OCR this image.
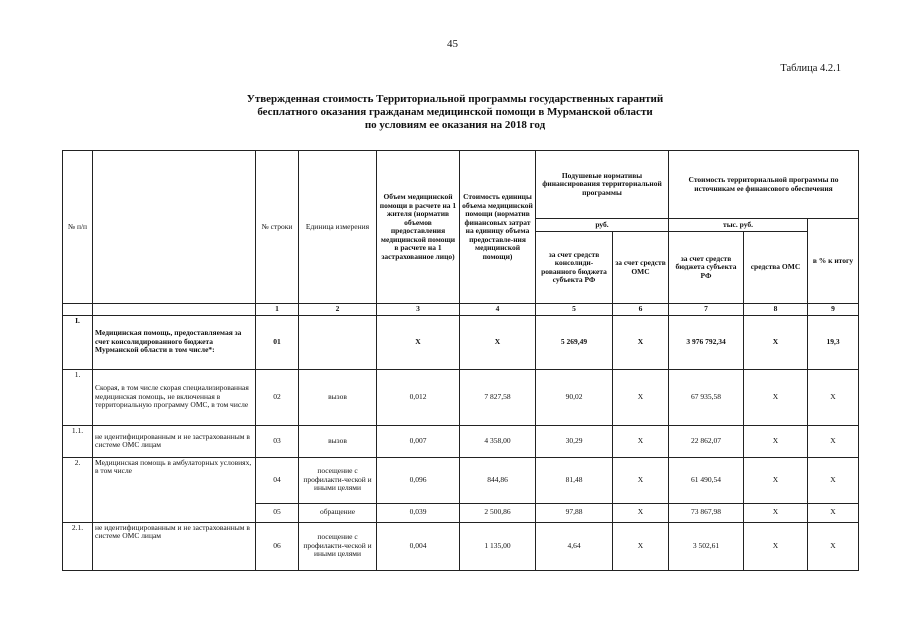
45
Таблица 4.2.1
Утвержденная стоимость Территориальной программы государственных гарантий
бесплатного оказания гражданам медицинской помощи в Мурманской области
по условиям ее оказания на 2018 год
№ п/п		№ строки	Единица измерения	Объем медицинской помощи в расчете на 1 жителя (норматив объемов предоставления медицинской помощи в расчете на 1 застрахованное лицо)	Стоимость единицы объема медицинской помощи (норматив финансовых затрат на единицу объема предоставле-ния медицинской помощи)	Подушевые нормативы финансирования территориальной программы		Стоимость территориальной программы по источникам ее финансового обеспечения		
						руб.		тыс. руб.		в % к итогу
						за счет средств консолиди-рованного бюджета субъекта РФ	за счет средств ОМС	за счет средств бюджета субъекта РФ	средства ОМС	
		1	2	3	4	5	6	7	8	9
I.	Медицинская помощь, предоставляемая за счет консолидированного бюджета Мурманской области в том числе*:	01		Х	Х	5 269,49	Х	3 976 792,34	Х	19,3
1.	Скорая, в том числе скорая специализированная медицинская помощь, не включенная в территориальную программу ОМС, в том числе	02	вызов	0,012	7 827,58	90,02	Х	67 935,58	Х	Х
1.1.	не идентифицированным и не застрахованным в системе ОМС лицам	03	вызов	0,007	4 358,00	30,29	Х	22 862,07	Х	Х
2.	Медицинская помощь в амбулаторных условиях, в том числе	04	посещение с профилакти-ческой и иными целями	0,096	844,86	81,48	Х	61 490,54	Х	Х
		05	обращение	0,039	2 500,86	97,88	Х	73 867,98	Х	Х
2.1.	не идентифицированным и не застрахованным в системе ОМС лицам	06	посещение с профилакти-ческой и иными целями	0,004	1 135,00	4,64	Х	3 502,61	Х	Х
